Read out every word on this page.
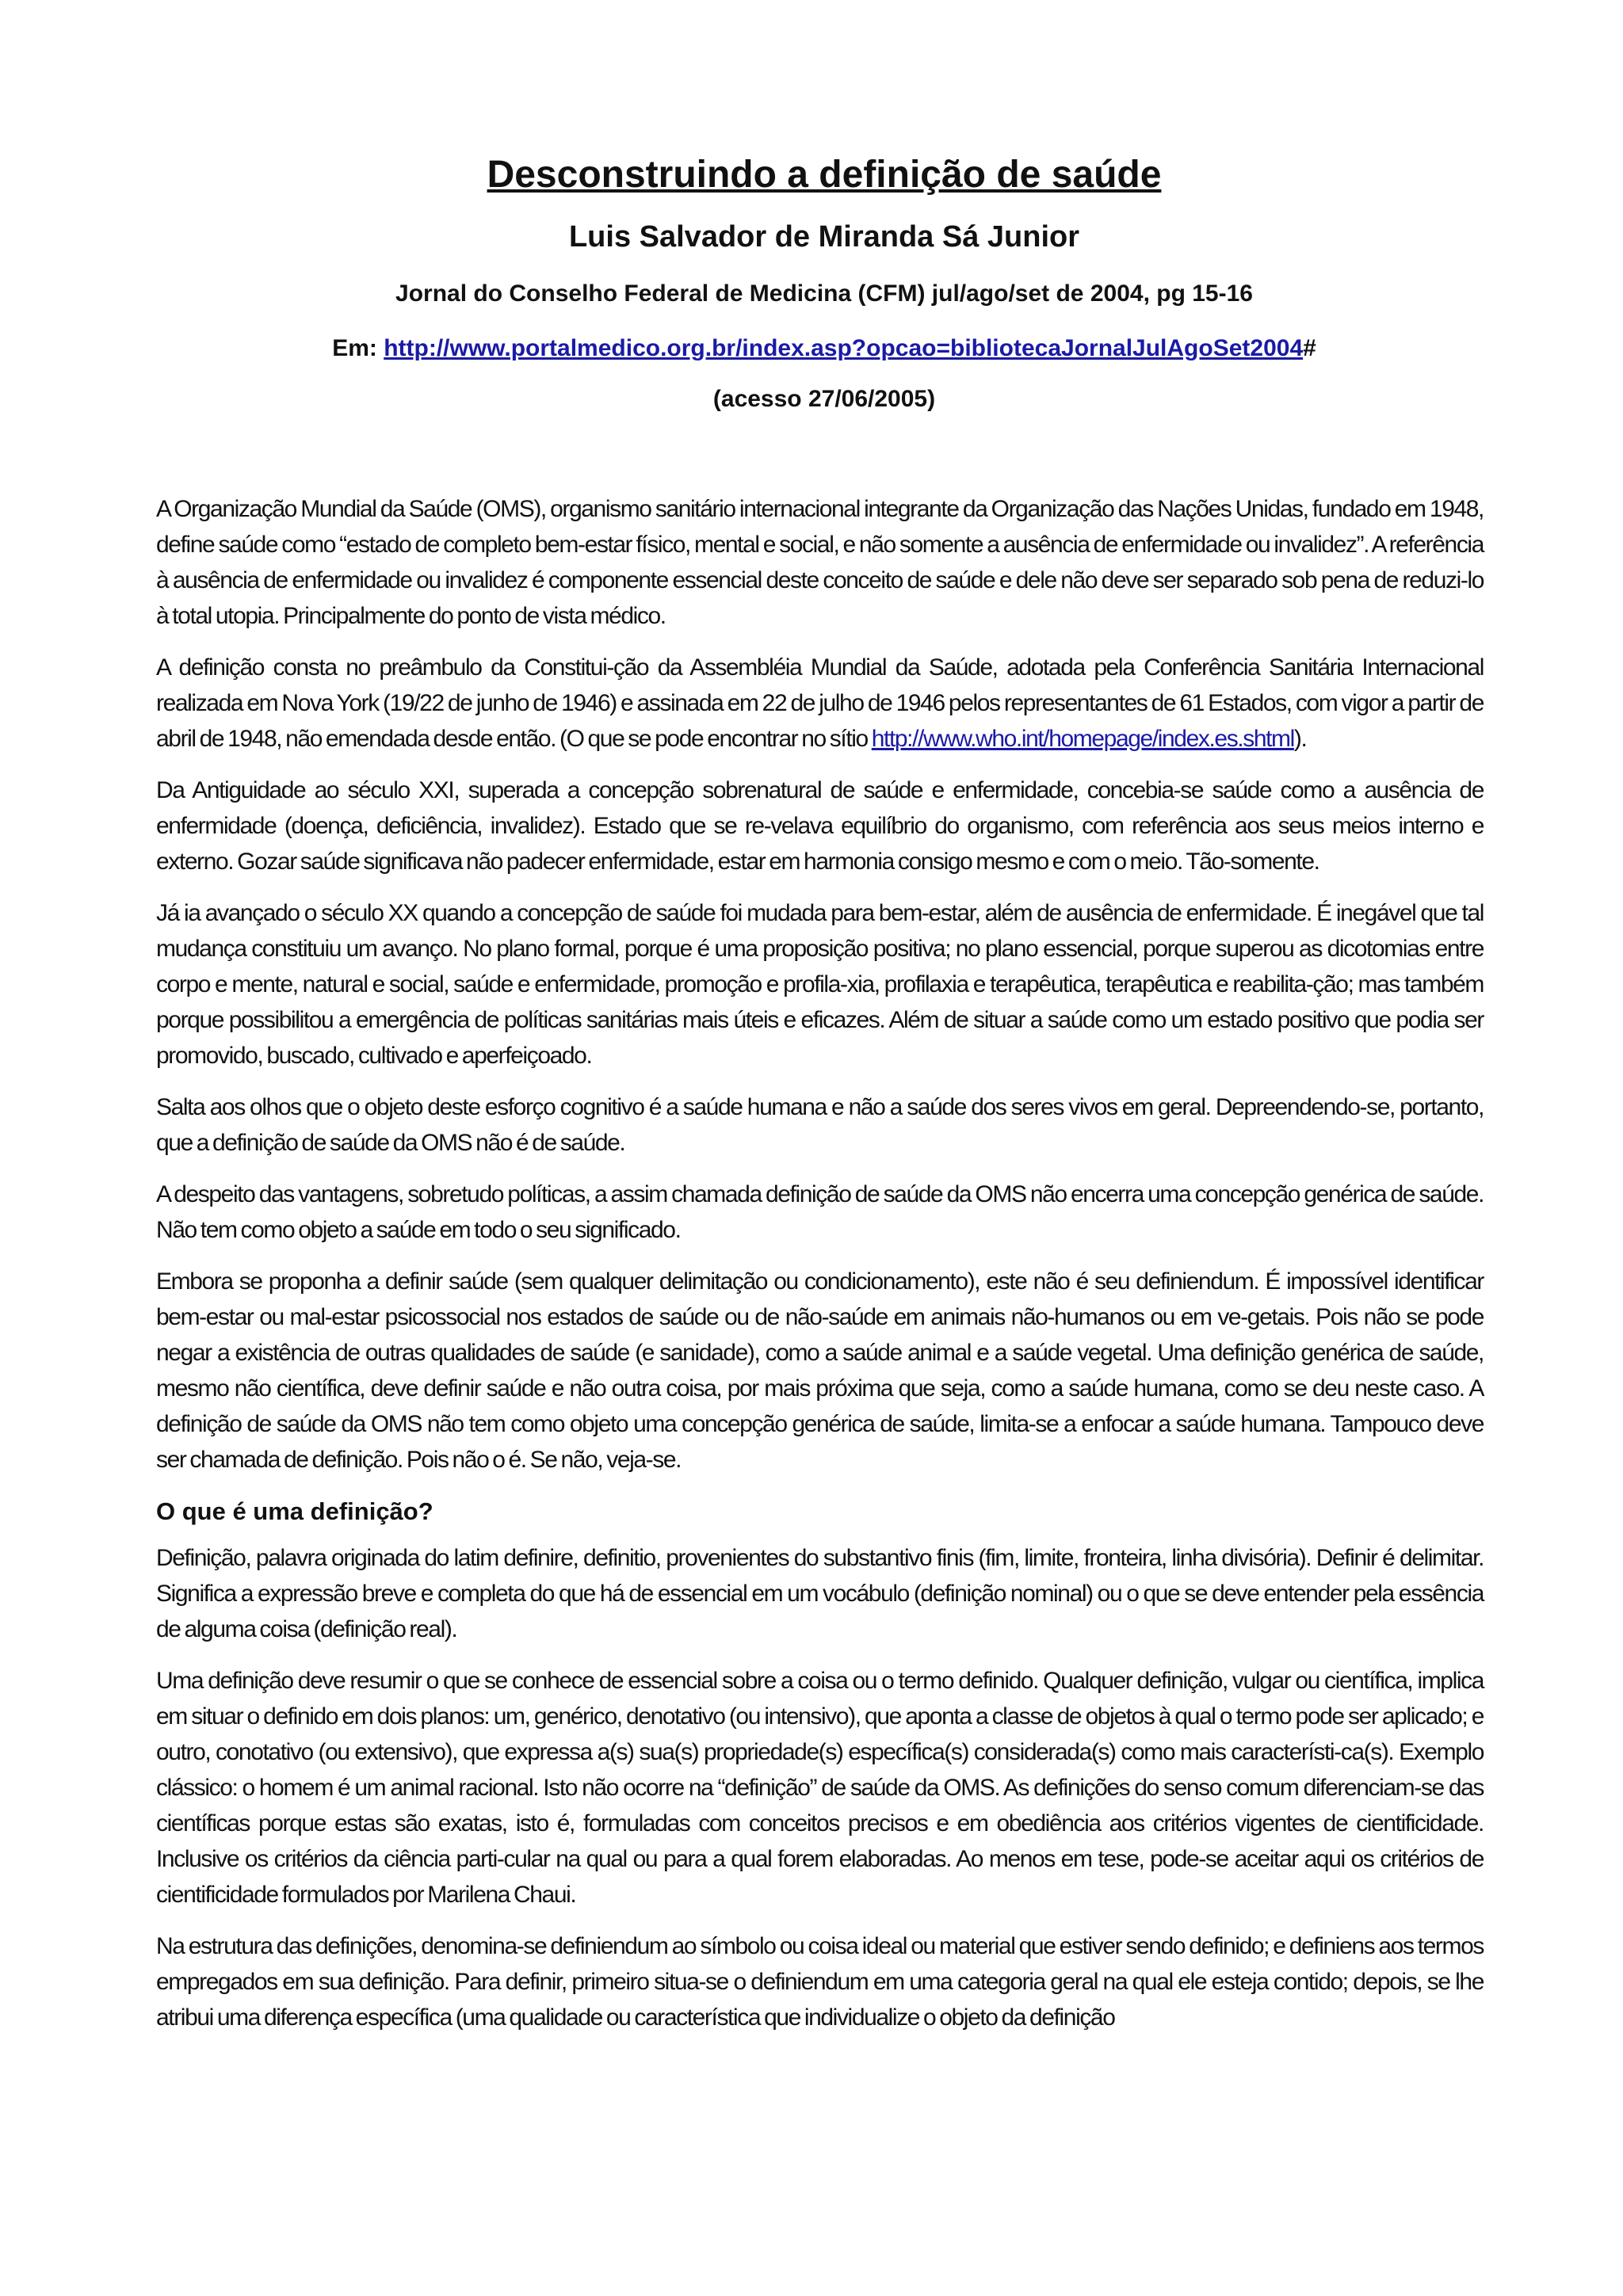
Desconstruindo a definição de saúde
Luis Salvador de Miranda Sá Junior
Jornal do Conselho Federal de Medicina (CFM) jul/ago/set de 2004, pg 15-16
Em: http://www.portalmedico.org.br/index.asp?opcao=bibliotecaJornalJulAgoSet2004#
(acesso 27/06/2005)

A Organização Mundial da Saúde (OMS), organismo sanitário internacional integrante da Organização das Nações Unidas, fundado em 1948, define saúde como “estado de completo bem-estar físico, mental e social, e não somente a ausência de enfermidade ou invalidez”. A referência à ausência de enfermidade ou invalidez é componente essencial deste conceito de saúde e dele não deve ser separado sob pena de reduzi-lo à total utopia. Principalmente do ponto de vista médico.

A definição consta no preâmbulo da Constitui-ção da Assembléia Mundial da Saúde, adotada pela Conferência Sanitária Internacional realizada em Nova York (19/22 de junho de 1946) e assinada em 22 de julho de 1946 pelos representantes de 61 Estados, com vigor a partir de abril de 1948, não emendada desde então. (O que se pode encontrar no sítio http://www.who.int/homepage/index.es.shtml).

Da Antiguidade ao século XXI, superada a concepção sobrenatural de saúde e enfermidade, concebia-se saúde como a ausência de enfermidade (doença, deficiência, invalidez). Estado que se re-velava equilíbrio do organismo, com referência aos seus meios interno e externo. Gozar saúde significava não padecer enfermidade, estar em harmonia consigo mesmo e com o meio. Tão-somente.

Já ia avançado o século XX quando a concepção de saúde foi mudada para bem-estar, além de ausência de enfermidade. É inegável que tal mudança constituiu um avanço. No plano formal, porque é uma proposição positiva; no plano essencial, porque superou as dicotomias entre corpo e mente, natural e social, saúde e enfermidade, promoção e profila-xia, profilaxia e terapêutica, terapêutica e reabilita-ção; mas também porque possibilitou a emergência de políticas sanitárias mais úteis e eficazes. Além de situar a saúde como um estado positivo que podia ser promovido, buscado, cultivado e aperfeiçoado.

Salta aos olhos que o objeto deste esforço cognitivo é a saúde humana e não a saúde dos seres vivos em geral. Depreendendo-se, portanto, que a definição de saúde da OMS não é de saúde.

A despeito das vantagens, sobretudo políticas, a assim chamada definição de saúde da OMS não encerra uma concepção genérica de saúde. Não tem como objeto a saúde em todo o seu significado.

Embora se proponha a definir saúde (sem qualquer delimitação ou condicionamento), este não é seu definiendum. É impossível identificar bem-estar ou mal-estar psicossocial nos estados de saúde ou de não-saúde em animais não-humanos ou em ve-getais. Pois não se pode negar a existência de outras qualidades de saúde (e sanidade), como a saúde animal e a saúde vegetal. Uma definição genérica de saúde, mesmo não científica, deve definir saúde e não outra coisa, por mais próxima que seja, como a saúde humana, como se deu neste caso. A definição de saúde da OMS não tem como objeto uma concepção genérica de saúde, limita-se a enfocar a saúde humana. Tampouco deve ser chamada de definição. Pois não o é. Se não, veja-se.

O que é uma definição?

Definição, palavra originada do latim definire, definitio, provenientes do substantivo finis (fim, limite, fronteira, linha divisória). Definir é delimitar. Significa a expressão breve e completa do que há de essencial em um vocábulo (definição nominal) ou o que se deve entender pela essência de alguma coisa (definição real).

Uma definição deve resumir o que se conhece de essencial sobre a coisa ou o termo definido. Qualquer definição, vulgar ou científica, implica em situar o definido em dois planos: um, genérico, denotativo (ou intensivo), que aponta a classe de objetos à qual o termo pode ser aplicado; e outro, conotativo (ou extensivo), que expressa a(s) sua(s) propriedade(s) específica(s) considerada(s) como mais característi-ca(s). Exemplo clássico: o homem é um animal racional. Isto não ocorre na “definição” de saúde da OMS. As definições do senso comum diferenciam-se das científicas porque estas são exatas, isto é, formuladas com conceitos precisos e em obediência aos critérios vigentes de cientificidade. Inclusive os critérios da ciência parti-cular na qual ou para a qual forem elaboradas. Ao menos em tese, pode-se aceitar aqui os critérios de cientificidade formulados por Marilena Chaui.

Na estrutura das definições, denomina-se definiendum ao símbolo ou coisa ideal ou material que estiver sendo definido; e definiens aos termos empregados em sua definição. Para definir, primeiro situa-se o definiendum em uma categoria geral na qual ele esteja contido; depois, se lhe atribui uma diferença específica (uma qualidade ou característica que individualize o objeto da definição
